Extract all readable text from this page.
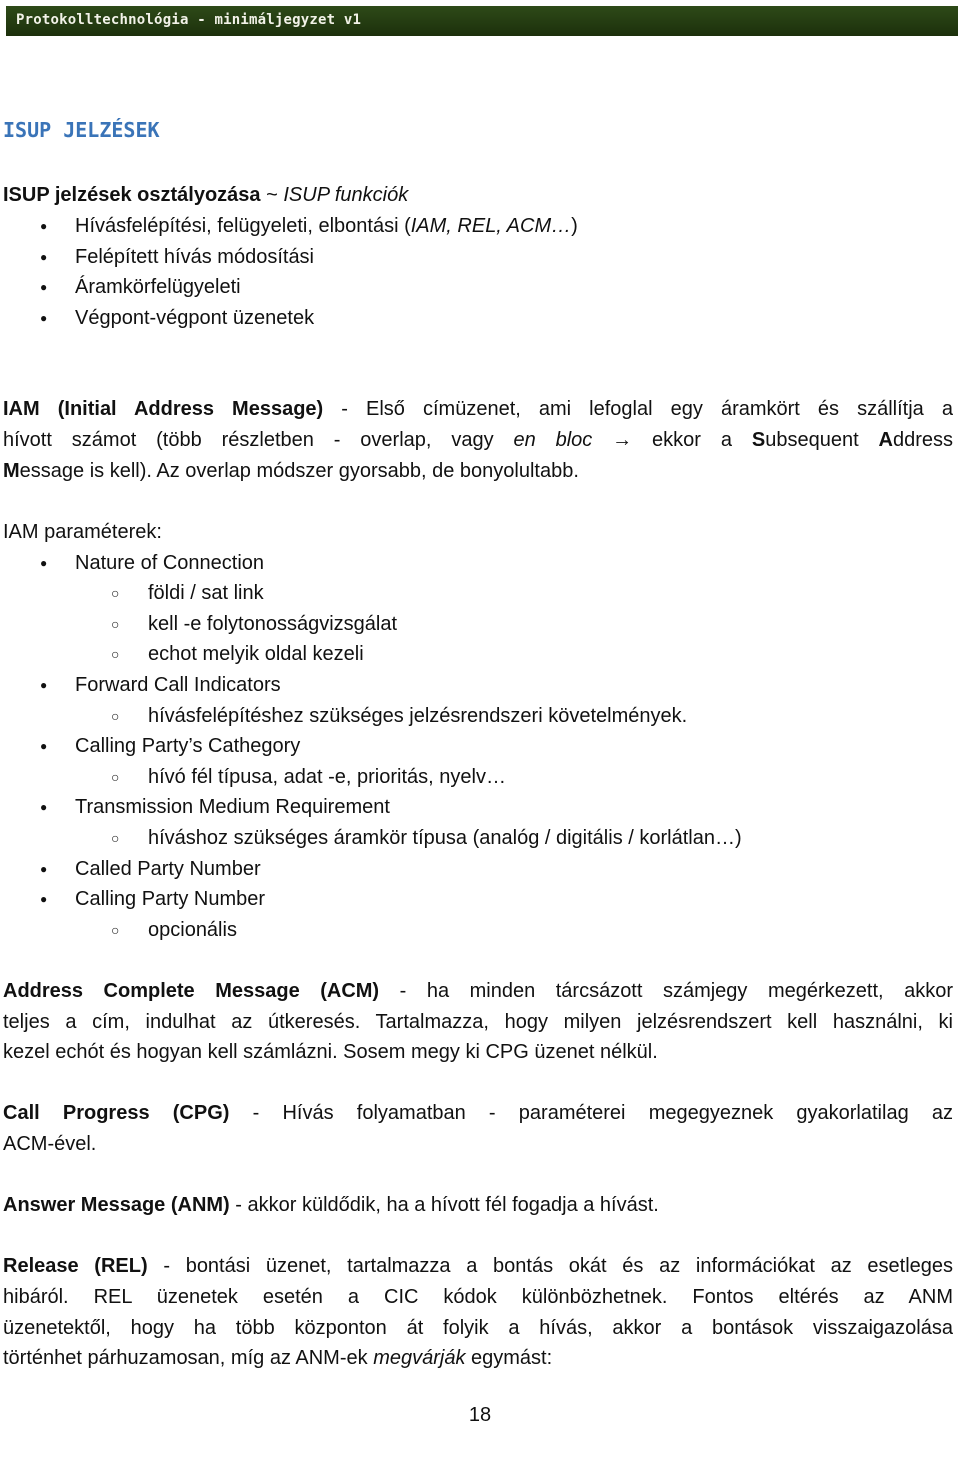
Protokolltechnológia - minimáljegyzet v1
ISUP JELZÉSEK
ISUP jelzések osztályozása ~ ISUP funkciók
● Hívásfelépítési, felügyeleti, elbontási (IAM, REL, ACM…)
● Felépített hívás módosítási
● Áramkörfelügyeleti
● Végpont-végpont üzenetek
IAM (Initial Address Message) - Első címüzenet, ami lefoglal egy áramkört és szállítja a
hívott számot (több részletben - overlap, vagy en bloc → ekkor a Subsequent Address
Message is kell). Az overlap módszer gyorsabb, de bonyolultabb.
IAM paraméterek:
● Nature of Connection
○ földi / sat link
○ kell -e folytonosságvizsgálat
○ echot melyik oldal kezeli
● Forward Call Indicators
○ hívásfelépítéshez szükséges jelzésrendszeri követelmények.
● Calling Party’s Cathegory
○ hívó fél típusa, adat -e, prioritás, nyelv…
● Transmission Medium Requirement
○ híváshoz szükséges áramkör típusa (analóg / digitális / korlátlan…)
● Called Party Number
● Calling Party Number
○ opcionális
Address Complete Message (ACM) - ha minden tárcsázott számjegy megérkezett, akkor
teljes a cím, indulhat az útkeresés. Tartalmazza, hogy milyen jelzésrendszert kell használni, ki
kezel echót és hogyan kell számlázni. Sosem megy ki CPG üzenet nélkül.
Call Progress (CPG) - Hívás folyamatban - paraméterei megegyeznek gyakorlatilag az
ACM-ével.
Answer Message (ANM) - akkor küldődik, ha a hívott fél fogadja a hívást.
Release (REL) - bontási üzenet, tartalmazza a bontás okát és az információkat az esetleges
hibáról. REL üzenetek esetén a CIC kódok különbözhetnek. Fontos eltérés az ANM
üzenetektől, hogy ha több központon át folyik a hívás, akkor a bontások visszaigazolása
történhet párhuzamosan, míg az ANM-ek megvárják egymást:
18
